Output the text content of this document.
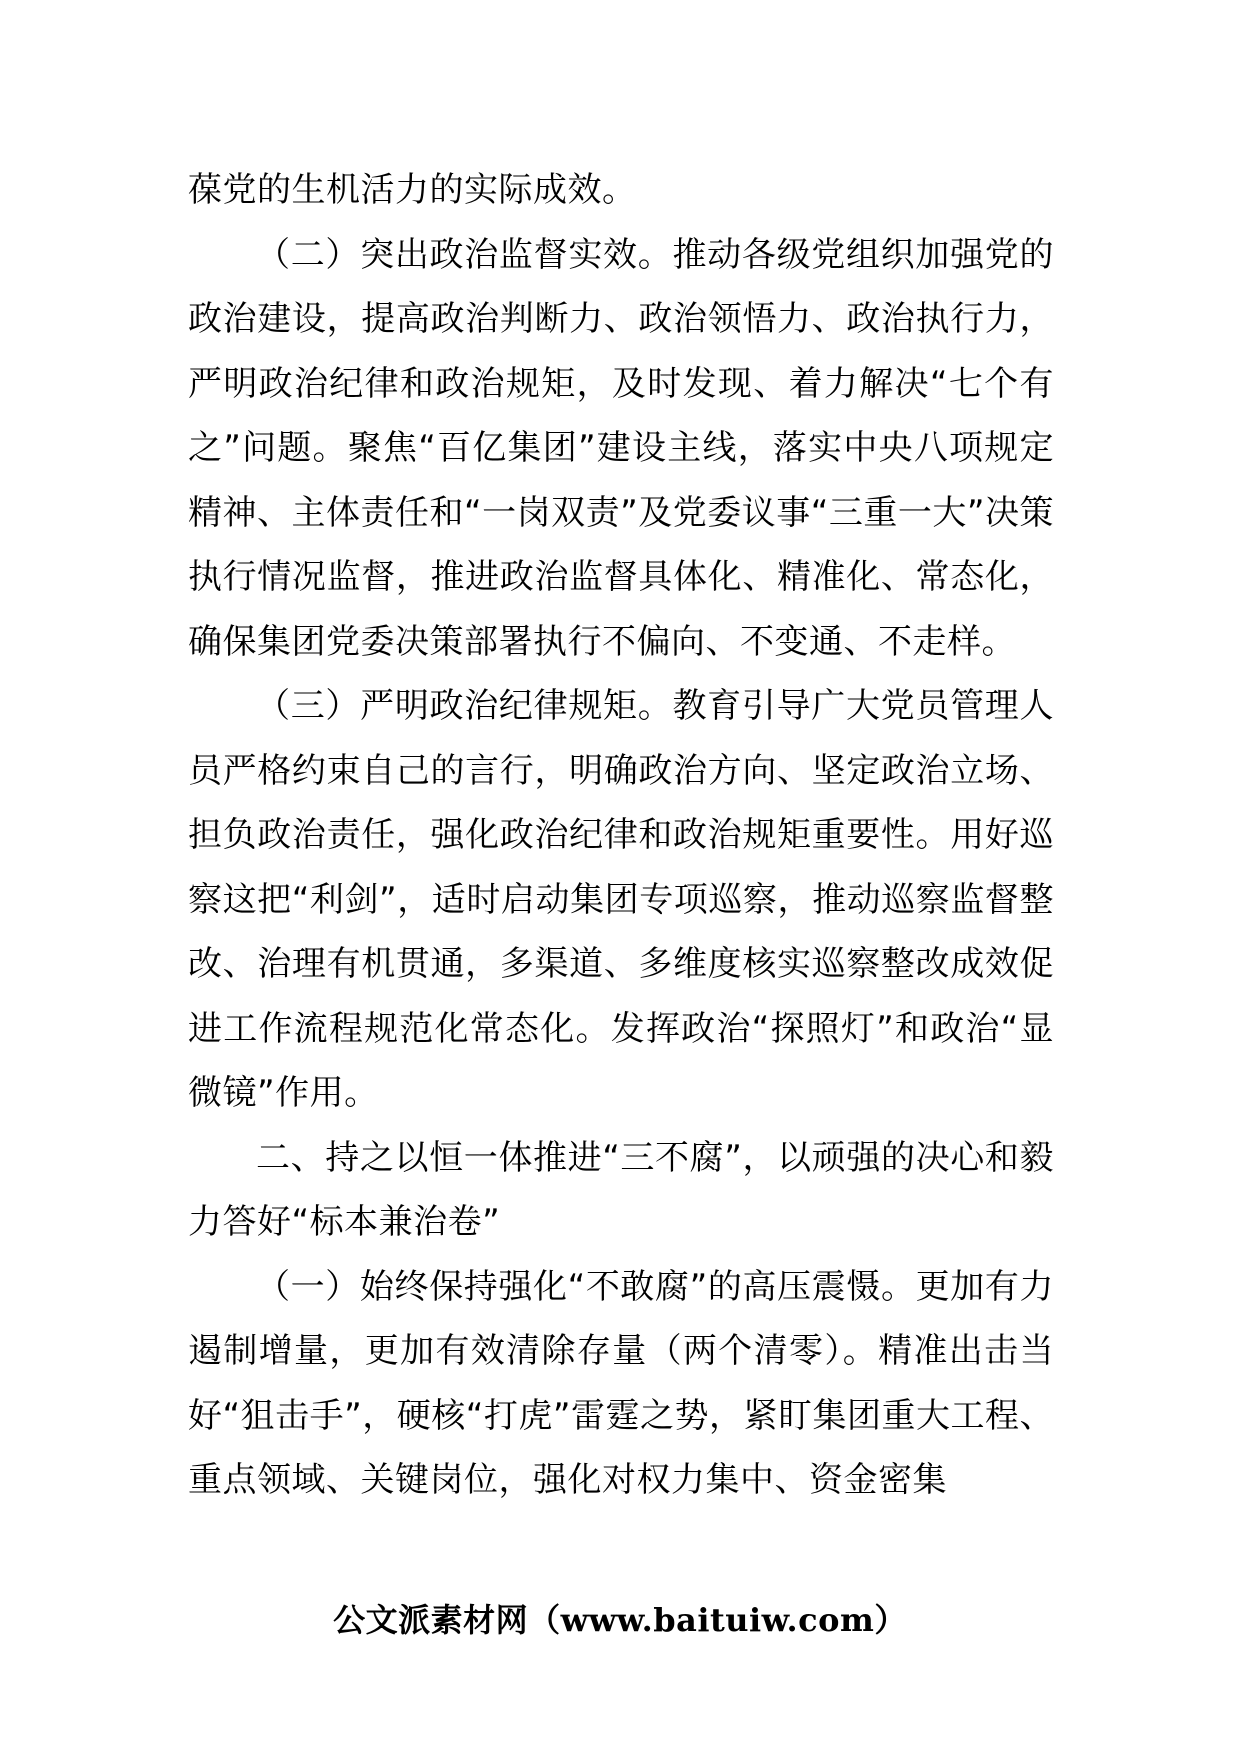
葆党的生机活力的实际成效。

（二）突出政治监督实效。推动各级党组织加强党的政治建设，提高政治判断力、政治领悟力、政治执行力，严明政治纪律和政治规矩，及时发现、着力解决“七个有之”问题。聚焦“百亿集团”建设主线，落实中央八项规定精神、主体责任和“一岗双责”及党委议事“三重一大”决策执行情况监督，推进政治监督具体化、精准化、常态化，确保集团党委决策部署执行不偏向、不变通、不走样。

（三）严明政治纪律规矩。教育引导广大党员管理人员严格约束自己的言行，明确政治方向、坚定政治立场、担负政治责任，强化政治纪律和政治规矩重要性。用好巡察这把“利剑”，适时启动集团专项巡察，推动巡察监督整改、治理有机贯通，多渠道、多维度核实巡察整改成效促进工作流程规范化常态化。发挥政治“探照灯”和政治“显微镜”作用。

二、持之以恒一体推进“三不腐”，以顽强的决心和毅力答好“标本兼治卷”

（一）始终保持强化“不敢腐”的高压震慑。更加有力遏制增量，更加有效清除存量（两个清零）。精准出击当好“狙击手”，硬核“打虎”雷霆之势，紧盯集团重大工程、重点领域、关键岗位，强化对权力集中、资金密集

公文派素材网（www.baituiw.com）
